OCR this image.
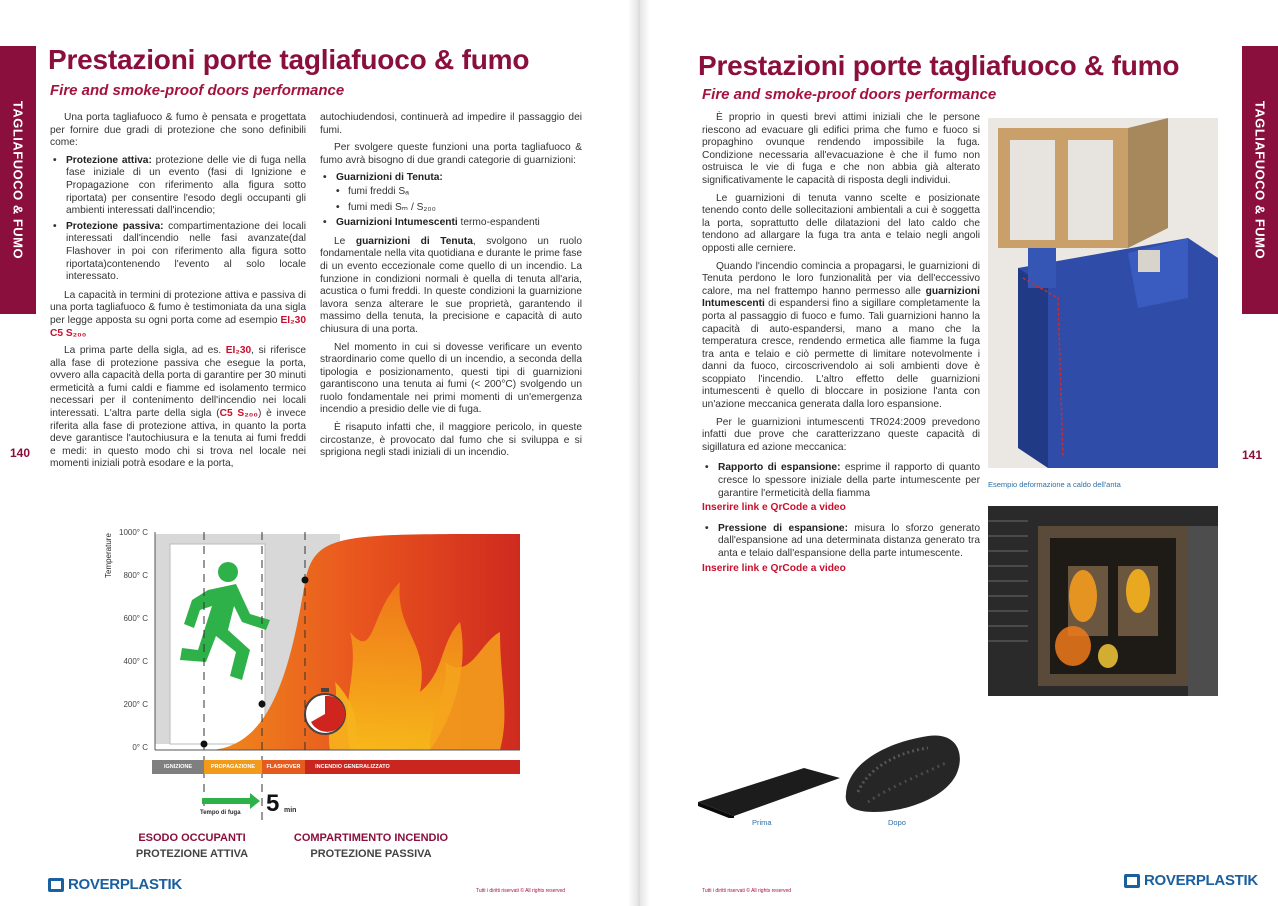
TAGLIAFUOCO & FUMO
Prestazioni porte tagliafuoco & fumo
Fire and smoke-proof doors performance

Una porta tagliafuoco & fumo è pensata e progettata per fornire due gradi di protezione che sono definibili come:

• Protezione attiva: protezione delle vie di fuga nella fase iniziale di un evento (fasi di Ignizione e Propagazione con riferimento alla figura sotto riportata) per consentire l'esodo degli occupanti gli ambienti interessati dall'incendio;
• Protezione passiva: compartimentazione dei locali interessati dall'incendio nelle fasi avanzate(dal Flashover in poi con riferimento alla figura sotto riportata)contenendo l'evento al solo locale interessato.

La capacità in termini di protezione attiva e passiva di una porta tagliafuoco & fumo è testimoniata da una sigla per legge apposta su ogni porta come ad esempio EI₂30 C5 S₂₀₀

La prima parte della sigla, ad es. EI₂30, si riferisce alla fase di protezione passiva che esegue la porta, ovvero alla capacità della porta di garantire per 30 minuti ermeticità a fumi caldi e fiamme ed isolamento termico necessari per il contenimento dell'incendio nei locali interessati. L'altra parte della sigla (C5 S₂₀₀) è invece riferita alla fase di protezione attiva, in quanto la porta deve garantisce l'autochiusura e la tenuta ai fumi freddi e medi: in questo modo chi si trova nel locale nei momenti iniziali potrà esodare e la porta,

autochiudendosi, continuerà ad impedire il passaggio dei fumi.

Per svolgere queste funzioni una porta tagliafuoco & fumo avrà bisogno di due grandi categorie di guarnizioni:

• Guarnizioni di Tenuta:
• fumi freddi Sₐ
• fumi medi Sₘ / S₂₀₀
• Guarnizioni Intumescenti termo-espandenti

Le guarnizioni di Tenuta, svolgono un ruolo fondamentale nella vita quotidiana e durante le prime fase di un evento eccezionale come quello di un incendio. La funzione in condizioni normali è quella di tenuta all'aria, acustica o fumi freddi. In queste condizioni la guarnizione lavora senza alterare le sue proprietà, garantendo il massimo della tenuta, la precisione e capacità di auto chiusura di una porta.

Nel momento in cui si dovesse verificare un evento straordinario come quello di un incendio, a seconda della tipologia e posizionamento, questi tipi di guarnizioni garantiscono una tenuta ai fumi (< 200°C) svolgendo un ruolo fondamentale nei primi momenti di un'emergenza incendio a presidio delle vie di fuga.

È risaputo infatti che, il maggiore pericolo, in queste circostanze, è provocato dal fumo che si sviluppa e si sprigiona negli stadi iniziali di un incendio.

140
1000° C
800° C
600° C
400° C
200° C
0° C
Temperature
IGNIZIONE	PROPAGAZIONE	FLASHOVER	INCENDIO GENERALIZZATO
Tempo di fuga 5 min
ESODO OCCUPANTI
PROTEZIONE ATTIVA
COMPARTIMENTO INCENDIO
PROTEZIONE PASSIVA
ROVERPLASTIK	Tutti i diritti riservati © All rights reserved
Prestazioni porte tagliafuoco & fumo
Fire and smoke-proof doors performance
TAGLIAFUOCO & FUMO

È proprio in questi brevi attimi iniziali che le persone riescono ad evacuare gli edifici prima che fumo e fuoco si propaghino ovunque rendendo impossibile la fuga. Condizione necessaria all'evacuazione è che il fumo non ostruisca le vie di fuga e che non abbia già alterato significativamente le capacità di risposta degli individui.

Le guarnizioni di tenuta vanno scelte e posizionate tenendo conto delle sollecitazioni ambientali a cui è soggetta la porta, soprattutto delle dilatazioni del lato caldo che tendono ad allargare la fuga tra anta e telaio negli angoli opposti alle cerniere.

Quando l'incendio comincia a propagarsi, le guarnizioni di Tenuta perdono le loro funzionalità per via dell'eccessivo calore, ma nel frattempo hanno permesso alle guarnizioni Intumescenti di espandersi fino a sigillare completamente la porta al passaggio di fuoco e fumo. Tali guarnizioni hanno la capacità di auto-espandersi, mano a mano che la temperatura cresce, rendendo ermetica alle fiamme la fuga tra anta e telaio e ciò permette di limitare notevolmente i danni da fuoco, circoscrivendolo ai soli ambienti dove è scoppiato l'incendio. L'altro effetto delle guarnizioni intumescenti è quello di bloccare in posizione l'anta con un'azione meccanica generata dalla loro espansione.

Per le guarnizioni intumescenti TR024:2009 prevedono infatti due prove che caratterizzano queste capacità di sigillatura ed azione meccanica:

• Rapporto di espansione: esprime il rapporto di quanto cresce lo spessore iniziale della parte intumescente per garantire l'ermeticità della fiamma
Inserire link e QrCode a video
• Pressione di espansione: misura lo sforzo generato dall'espansione ad una determinata distanza generato tra anta e telaio dall'espansione della parte intumescente.
Inserire link e QrCode a video
Esempio deformazione a caldo dell'anta
Prima	Dopo
141
Tutti i diritti riservati © All rights reserved
ROVERPLASTIK
